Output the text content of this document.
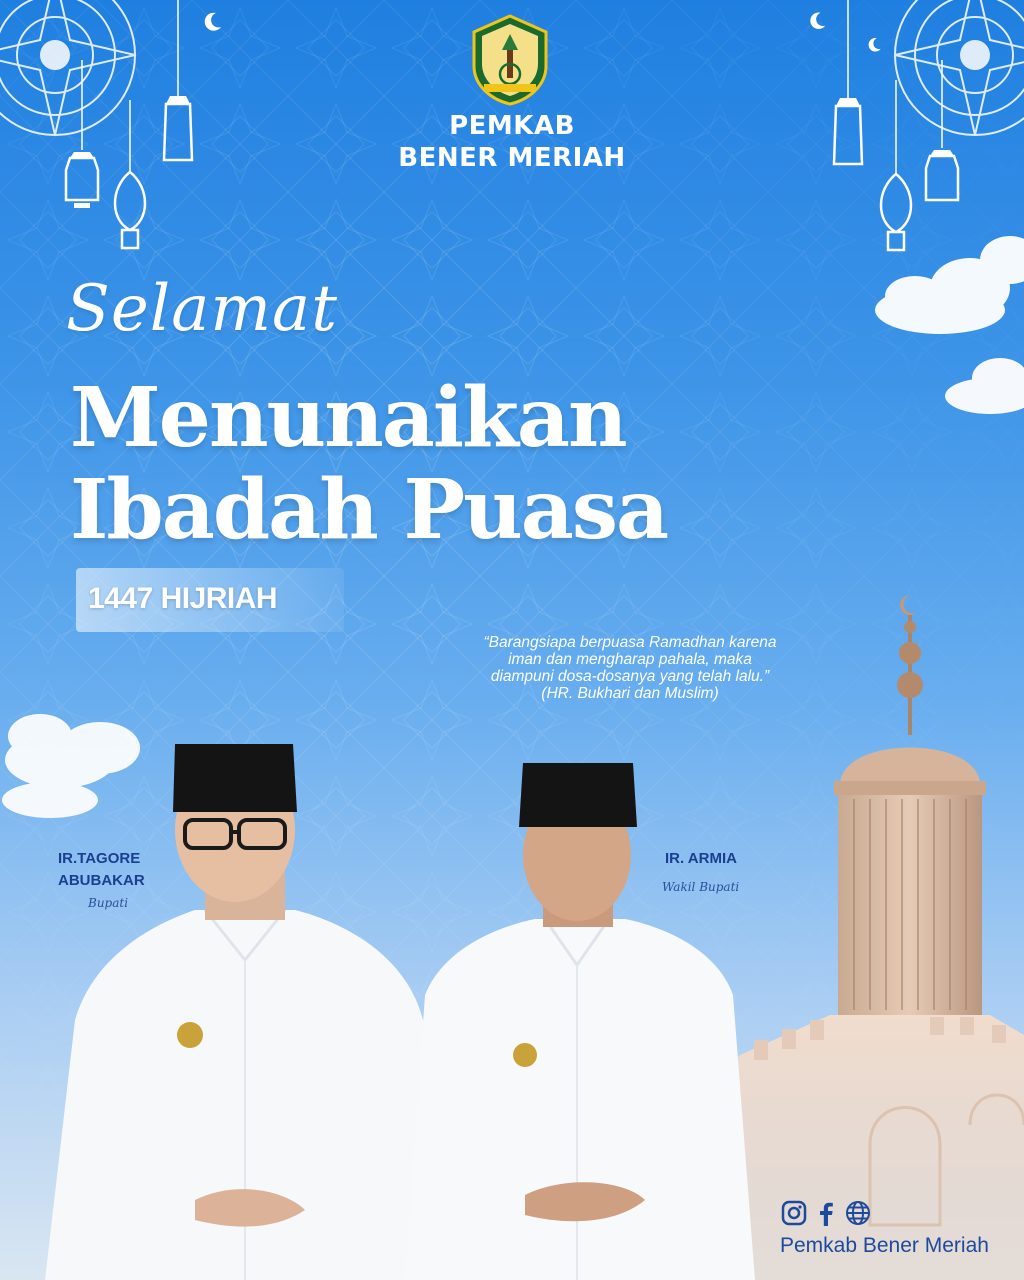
PEMKAB
BENER MERIAH
Selamat
Menunaikan
Ibadah Puasa
1447 HIJRIAH
“Barangsiapa berpuasa Ramadhan karena
iman dan mengharap pahala, maka
diampuni dosa-dosanya yang telah lalu.”
(HR. Bukhari dan Muslim)
IR.TAGORE
ABUBAKAR
Bupati
IR. ARMIA
Wakil Bupati
Pemkab Bener Meriah
